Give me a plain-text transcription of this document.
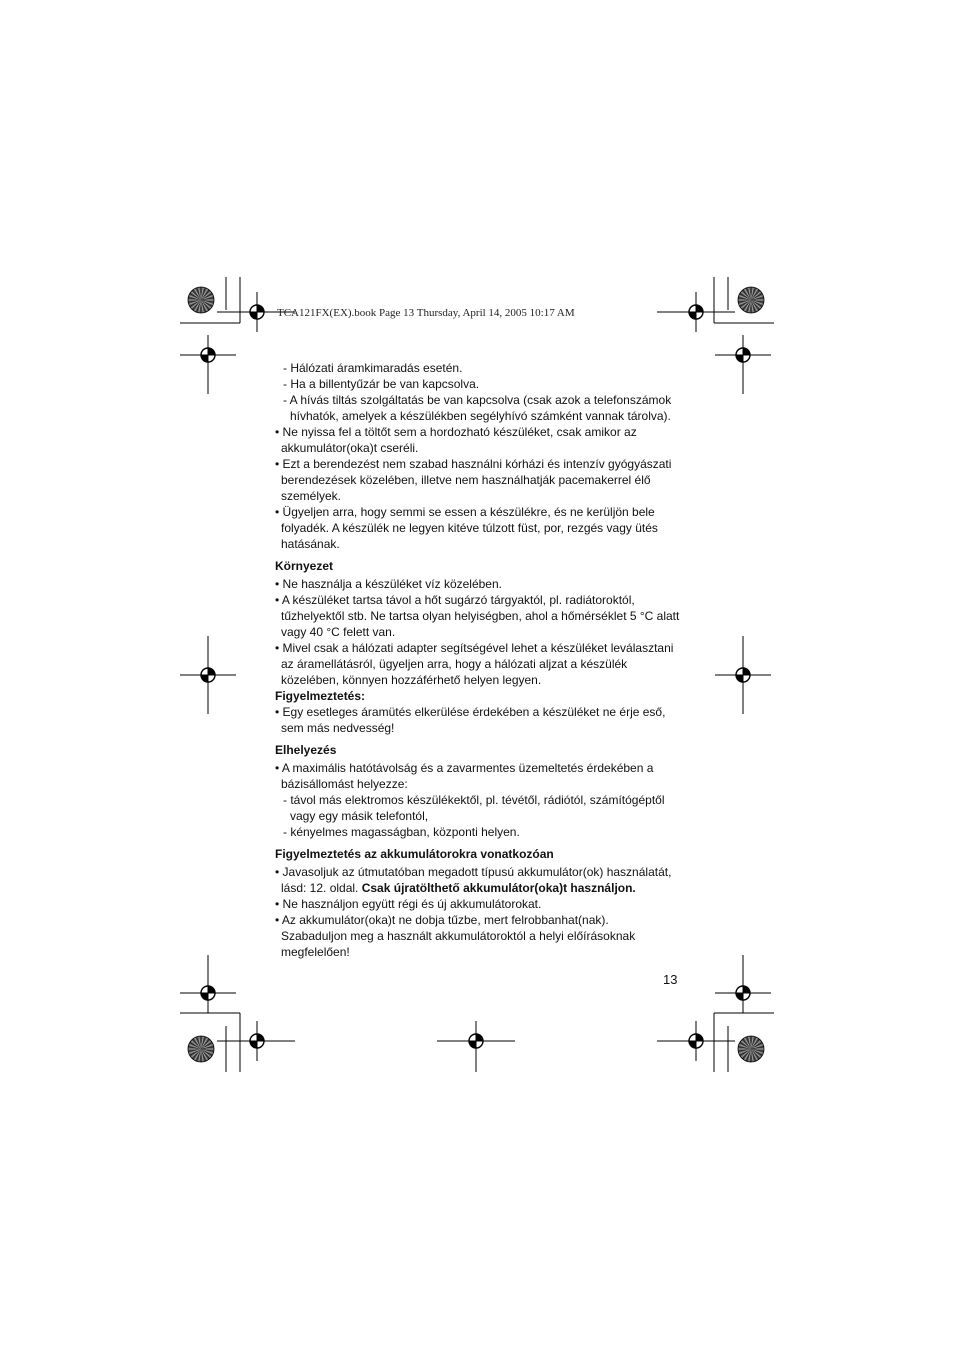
TCA121FX(EX).book Page 13 Thursday, April 14, 2005 10:17 AM
- Hálózati áramkimaradás esetén.
- Ha a billentyűzár be van kapcsolva.
- A hívás tiltás szolgáltatás be van kapcsolva (csak azok a telefonszámok
hívhatók, amelyek a készülékben segélyhívó számként vannak tárolva).
• Ne nyissa fel a töltőt sem a hordozható készüléket, csak amikor az
akkumulátor(oka)t cseréli.
• Ezt a berendezést nem szabad használni kórházi és intenzív gyógyászati
berendezések közelében, illetve nem használhatják pacemakerrel élő
személyek.
• Ügyeljen arra, hogy semmi se essen a készülékre, és ne kerüljön bele
folyadék. A készülék ne legyen kitéve túlzott füst, por, rezgés vagy ütés
hatásának.
Környezet
• Ne használja a készüléket víz közelében.
• A készüléket tartsa távol a hőt sugárzó tárgyaktól, pl. radiátoroktól,
tűzhelyektől stb. Ne tartsa olyan helyiségben, ahol a hőmérséklet 5 °C alatt
vagy 40 °C felett van.
• Mivel csak a hálózati adapter segítségével lehet a készüléket leválasztani
az áramellátásról, ügyeljen arra, hogy a hálózati aljzat a készülék
közelében, könnyen hozzáférhető helyen legyen.
Figyelmeztetés:
• Egy esetleges áramütés elkerülése érdekében a készüléket ne érje eső,
sem más nedvesség!
Elhelyezés
• A maximális hatótávolság és a zavarmentes üzemeltetés érdekében a
bázisállomást helyezze:
- távol más elektromos készülékektől, pl. tévétől, rádiótól, számítógéptől
vagy egy másik telefontól,
- kényelmes magasságban, központi helyen.
Figyelmeztetés az akkumulátorokra vonatkozóan
• Javasoljuk az útmutatóban megadott típusú akkumulátor(ok) használatát,
lásd: 12. oldal. Csak újratölthető akkumulátor(oka)t használjon.
• Ne használjon együtt régi és új akkumulátorokat.
• Az akkumulátor(oka)t ne dobja tűzbe, mert felrobbanhat(nak).
Szabaduljon meg a használt akkumulátoroktól a helyi előírásoknak
megfelelően!
13
